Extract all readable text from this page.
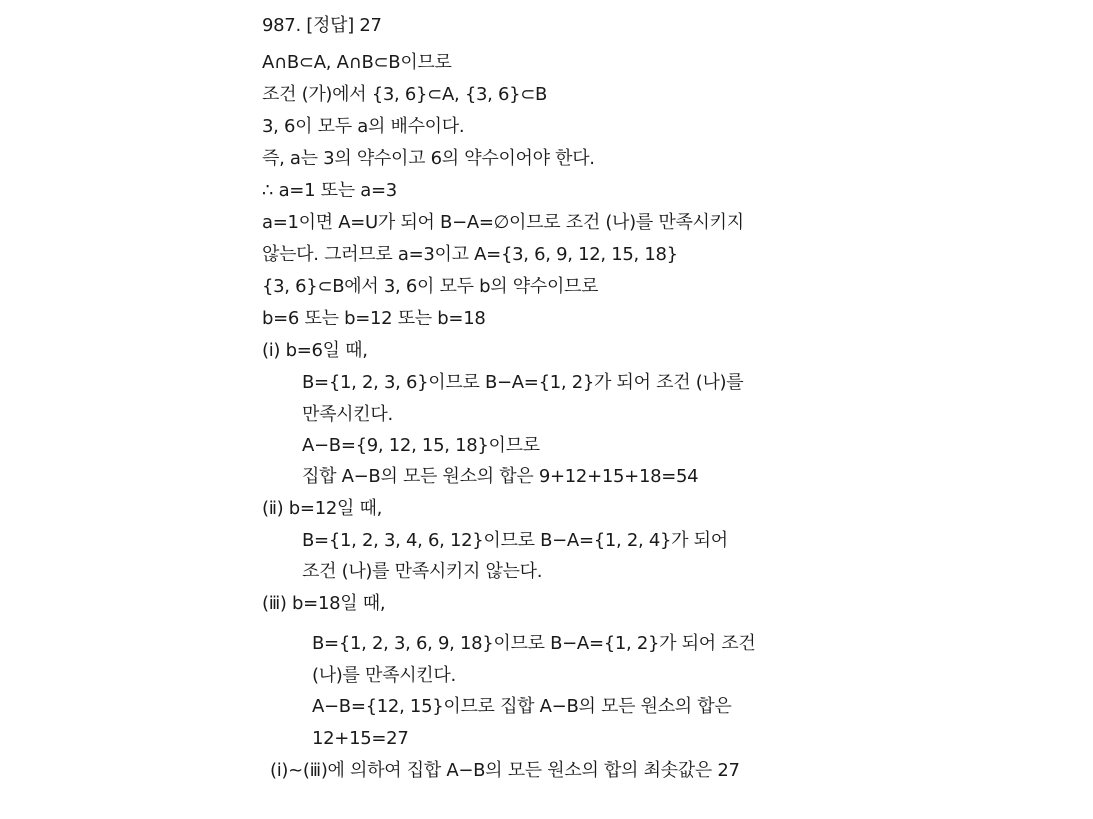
987. [정답] 27
A∩B⊂A, A∩B⊂B이므로
조건 (가)에서 {3, 6}⊂A, {3, 6}⊂B
3, 6이 모두 a의 배수이다.
즉, a는 3의 약수이고 6의 약수이어야 한다.
∴ a=1 또는 a=3
a=1이면 A=U가 되어 B−A=∅이므로 조건 (나)를 만족시키지
않는다. 그러므로 a=3이고 A={3, 6, 9, 12, 15, 18}
{3, 6}⊂B에서 3, 6이 모두 b의 약수이므로
b=6 또는 b=12 또는 b=18
(ⅰ) b=6일 때,
B={1, 2, 3, 6}이므로 B−A={1, 2}가 되어 조건 (나)를
만족시킨다.
A−B={9, 12, 15, 18}이므로
집합 A−B의 모든 원소의 합은 9+12+15+18=54
(ⅱ) b=12일 때,
B={1, 2, 3, 4, 6, 12}이므로 B−A={1, 2, 4}가 되어
조건 (나)를 만족시키지 않는다.
(ⅲ) b=18일 때,
B={1, 2, 3, 6, 9, 18}이므로 B−A={1, 2}가 되어 조건
(나)를 만족시킨다.
A−B={12, 15}이므로 집합 A−B의 모든 원소의 합은
12+15=27
(ⅰ)~(ⅲ)에 의하여 집합 A−B의 모든 원소의 합의 최솟값은 27
